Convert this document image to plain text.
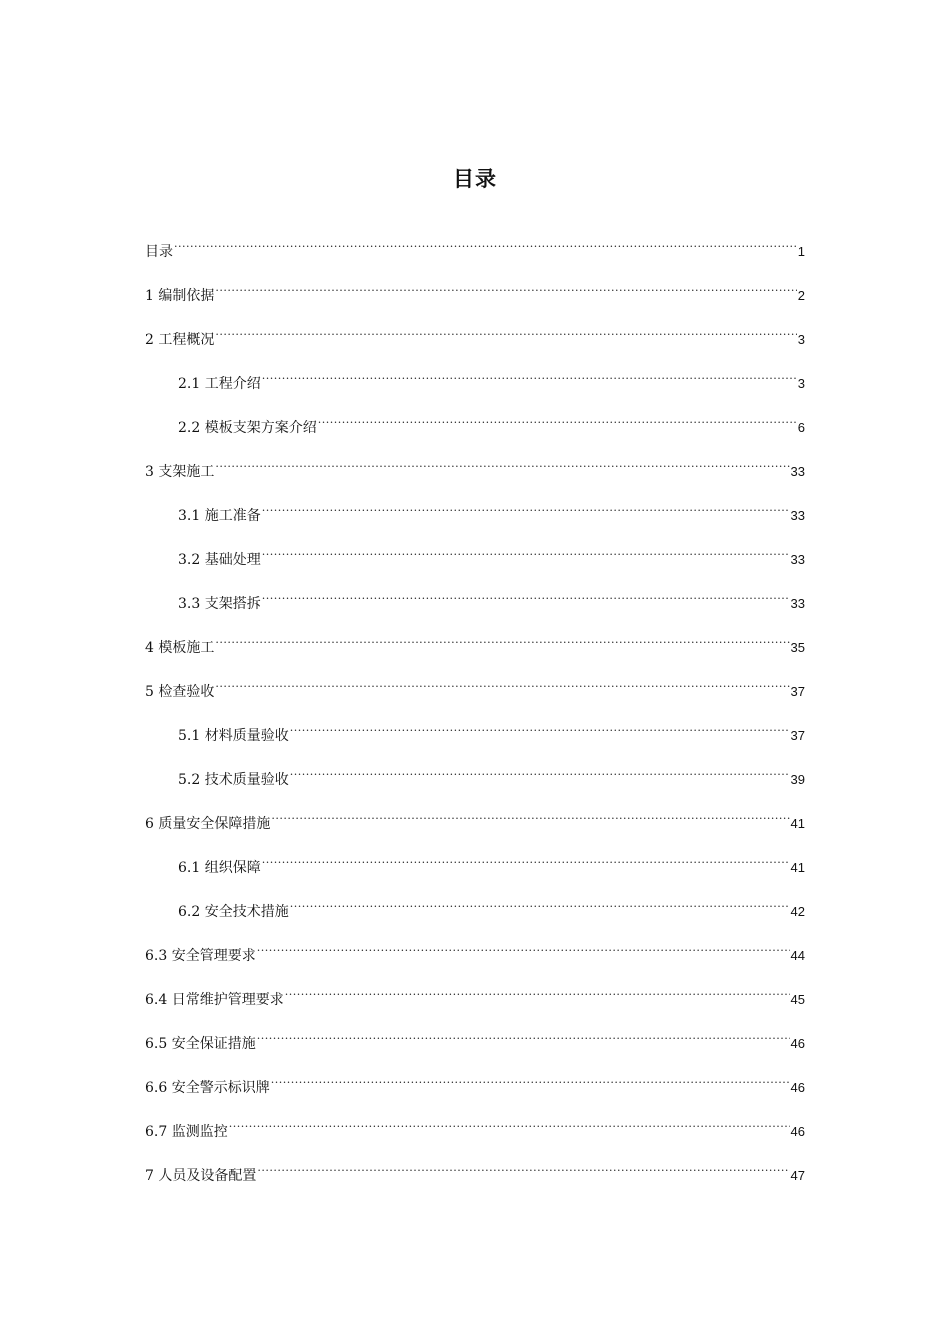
目录
目录 .....	1
1 编制依据 .....	2
2 工程概况 .....	3
2.1 工程介绍 .....	3
2.2 模板支架方案介绍 .....	6
3 支架施工 .....	33
3.1 施工准备 .....	33
3.2 基础处理 .....	33
3.3 支架搭拆 .....	33
4 模板施工 .....	35
5 检查验收 .....	37
5.1 材料质量验收 .....	37
5.2 技术质量验收 .....	39
6 质量安全保障措施 .....	41
6.1 组织保障 .....	41
6.2 安全技术措施 .....	42
6.3 安全管理要求 .....	44
6.4 日常维护管理要求 .....	45
6.5 安全保证措施 .....	46
6.6 安全警示标识牌 .....	46
6.7 监测监控 .....	46
7 人员及设备配置 .....	47
